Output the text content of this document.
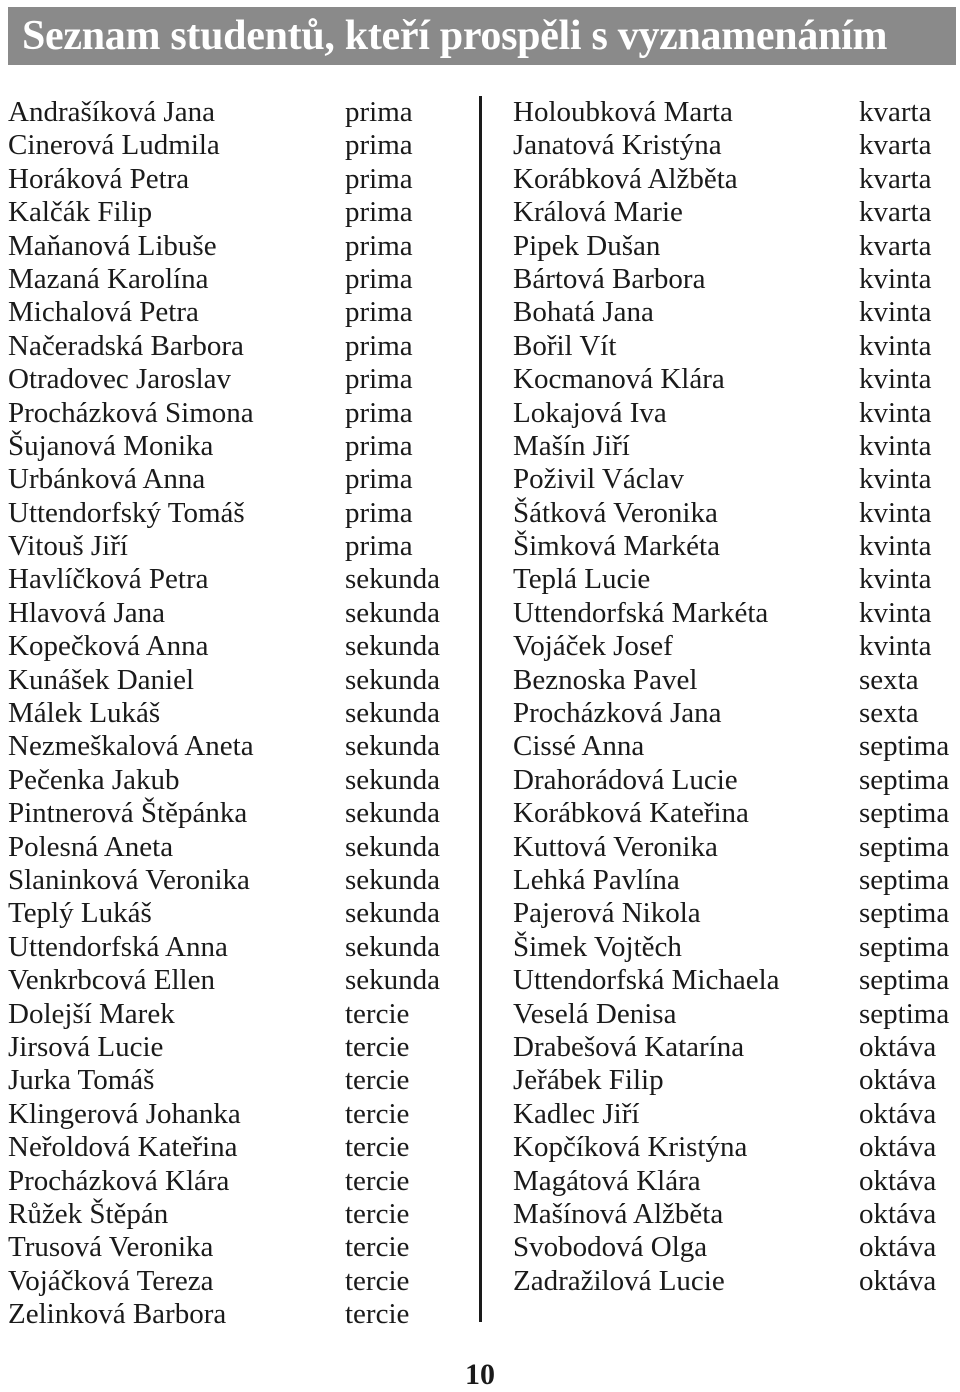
Seznam studentů, kteří prospěli s vyznamenáním
Andrašíková Jana	prima
Cinerová Ludmila	prima
Horáková Petra	prima
Kalčák Filip	prima
Maňanová Libuše	prima
Mazaná Karolína	prima
Michalová Petra	prima
Načeradská Barbora	prima
Otradovec Jaroslav	prima
Procházková Simona	prima
Šujanová Monika	prima
Urbánková Anna	prima
Uttendorfský Tomáš	prima
Vitouš Jiří	prima
Havlíčková Petra	sekunda
Hlavová Jana	sekunda
Kopečková Anna	sekunda
Kunášek Daniel	sekunda
Málek Lukáš	sekunda
Nezmeškalová Aneta	sekunda
Pečenka Jakub	sekunda
Pintnerová Štěpánka	sekunda
Polesná Aneta	sekunda
Slaninková Veronika	sekunda
Teplý Lukáš	sekunda
Uttendorfská Anna	sekunda
Venkrbcová Ellen	sekunda
Dolejší Marek	tercie
Jirsová Lucie	tercie
Jurka Tomáš	tercie
Klingerová Johanka	tercie
Neřoldová Kateřina	tercie
Procházková Klára	tercie
Růžek Štěpán	tercie
Trusová Veronika	tercie
Vojáčková Tereza	tercie
Zelinková Barbora	tercie
Holoubková Marta	kvarta
Janatová Kristýna	kvarta
Korábková Alžběta	kvarta
Králová Marie	kvarta
Pipek Dušan	kvarta
Bártová Barbora	kvinta
Bohatá Jana	kvinta
Bořil Vít	kvinta
Kocmanová Klára	kvinta
Lokajová Iva	kvinta
Mašín Jiří	kvinta
Poživil Václav	kvinta
Šátková Veronika	kvinta
Šimková Markéta	kvinta
Teplá Lucie	kvinta
Uttendorfská Markéta	kvinta
Vojáček Josef	kvinta
Beznoska Pavel	sexta
Procházková Jana	sexta
Cissé Anna	septima
Drahorádová Lucie	septima
Korábková Kateřina	septima
Kuttová Veronika	septima
Lehká Pavlína	septima
Pajerová Nikola	septima
Šimek Vojtěch	septima
Uttendorfská Michaela	septima
Veselá Denisa	septima
Drabešová Katarína	oktáva
Jeřábek Filip	oktáva
Kadlec Jiří	oktáva
Kopčíková Kristýna	oktáva
Magátová Klára	oktáva
Mašínová Alžběta	oktáva
Svobodová Olga	oktáva
Zadražilová Lucie	oktáva
10
